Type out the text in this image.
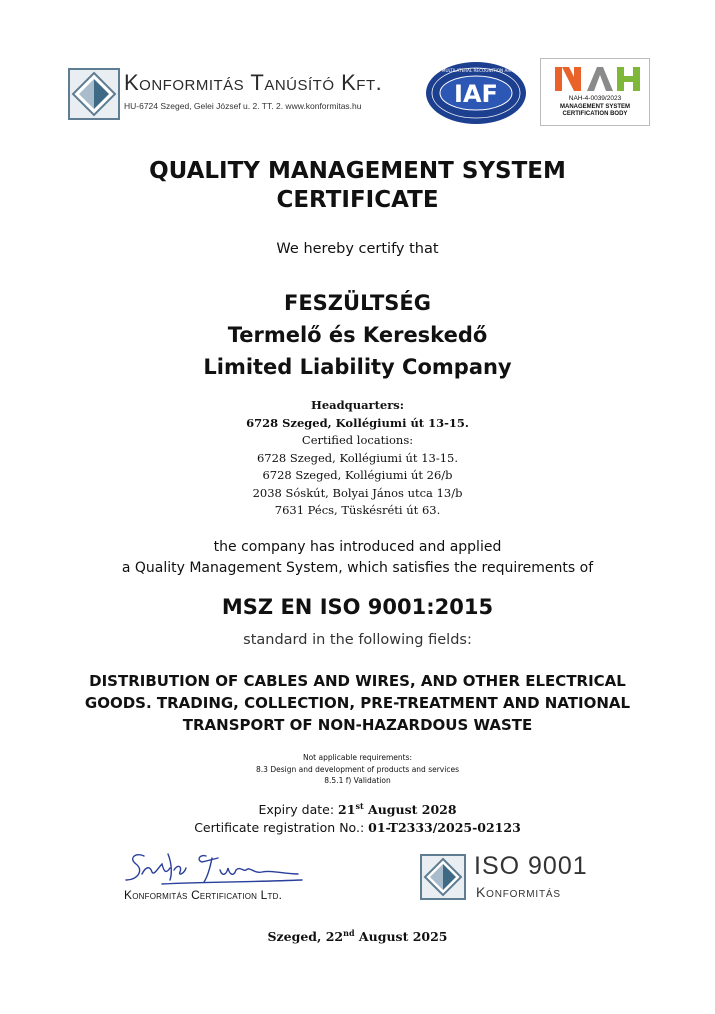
Konformitás Tanúsító Kft.
HU-6724 Szeged, Gelei József u. 2. TT. 2. www.konformitas.hu	IAF
MEMBER OF MULTILATERAL RECOGNITION ARRANGEMENT
NAH-4-0039/2023
MANAGEMENT SYSTEM
CERTIFICATION BODY
QUALITY MANAGEMENT SYSTEM
CERTIFICATE
We hereby certify that
FESZÜLTSÉG
Termelő és Kereskedő
Limited Liability Company
Headquarters:
6728 Szeged, Kollégiumi út 13-15.
Certified locations:
6728 Szeged, Kollégiumi út 13-15.
6728 Szeged, Kollégiumi út 26/b
2038 Sóskút, Bolyai János utca 13/b
7631 Pécs, Tüskésréti út 63.
the company has introduced and applied
a Quality Management System, which satisfies the requirements of
MSZ EN ISO 9001:2015
standard in the following fields:
DISTRIBUTION OF CABLES AND WIRES, AND OTHER ELECTRICAL
GOODS. TRADING, COLLECTION, PRE-TREATMENT AND NATIONAL
TRANSPORT OF NON-HAZARDOUS WASTE
Not applicable requirements:
8.3 Design and development of products and services
8.5.1 f) Validation
Expiry date: 21st August 2028
Certificate registration No.: 01-T2333/2025-02123
Konformitás Certification Ltd.
ISO 9001
Konformitás
Szeged, 22nd August 2025
